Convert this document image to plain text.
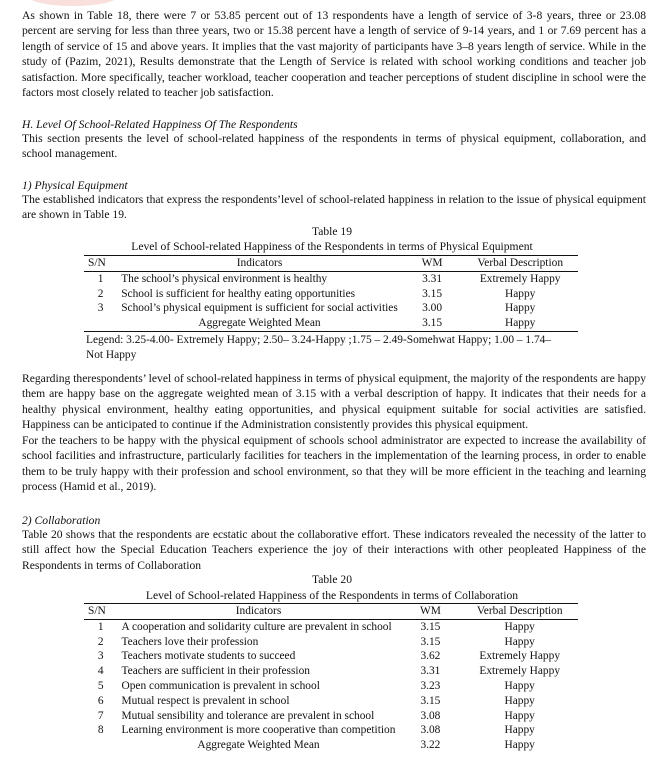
As shown in Table 18, there were 7 or 53.85 percent out of 13 respondents have a length of service of 3-8 years, three or 23.08 percent are serving for less than three years, two or 15.38 percent have a length of service of 9-14 years, and 1 or 7.69 percent has a length of service of 15 and above years. It implies that the vast majority of participants have 3–8 years length of service. While in the study of (Pazim, 2021), Results demonstrate that the Length of Service is related with school working conditions and teacher job satisfaction. More specifically, teacher workload, teacher cooperation and teacher perceptions of student discipline in school were the factors most closely related to teacher job satisfaction.

H. Level Of School-Related Happiness Of The Respondents

This section presents the level of school-related happiness of the respondents in terms of physical equipment, collaboration, and school management.

1) Physical Equipment

The established indicators that express the respondents’level of school-related happiness in relation to the issue of physical equipment are shown in Table 19.

Table 19

Level of School-related Happiness of the Respondents in terms of Physical Equipment

S/N	Indicators	WM	Verbal Description
1	The school’s physical environment is healthy	3.31	Extremely Happy
2	School is sufficient for healthy eating opportunities	3.15	Happy
3	School’s physical equipment is sufficient for social activities	3.00	Happy
	Aggregate Weighted Mean	3.15	Happy

Legend: 3.25-4.00- Extremely Happy; 2.50– 3.24-Happy ;1.75 – 2.49-Somehwat Happy; 1.00 – 1.74–

Not Happy

Regarding therespondents’ level of school-related happiness in terms of physical equipment, the majority of the respondents are happy them are happy base on the aggregate weighted mean of 3.15 with a verbal description of happy. It indicates that their needs for a healthy physical environment, healthy eating opportunities, and physical equipment suitable for social activities are satisfied. Happiness can be anticipated to continue if the Administration consistently provides this physical equipment.

For the teachers to be happy with the physical equipment of schools school administrator are expected to increase the availability of school facilities and infrastructure, particularly facilities for teachers in the implementation of the learning process, in order to enable them to be truly happy with their profession and school environment, so that they will be more efficient in the teaching and learning process (Hamid et al., 2019).

2) Collaboration

Table 20 shows that the respondents are ecstatic about the collaborative effort. These indicators revealed the necessity of the latter to still affect how the Special Education Teachers experience the joy of their interactions with other peopleated Happiness of the Respondents in terms of Collaboration

Table 20

Level of School-related Happiness of the Respondents in terms of Collaboration

S/N	Indicators	WM	Verbal Description
1	A cooperation and solidarity culture are prevalent in school	3.15	Happy
2	Teachers love their profession	3.15	Happy
3	Teachers motivate students to succeed	3.62	Extremely Happy
4	Teachers are sufficient in their profession	3.31	Extremely Happy
5	Open communication is prevalent in school	3.23	Happy
6	Mutual respect is prevalent in school	3.15	Happy
7	Mutual sensibility and tolerance are prevalent in school	3.08	Happy
8	Learning environment is more cooperative than competition	3.08	Happy
	Aggregate Weighted Mean	3.22	Happy
